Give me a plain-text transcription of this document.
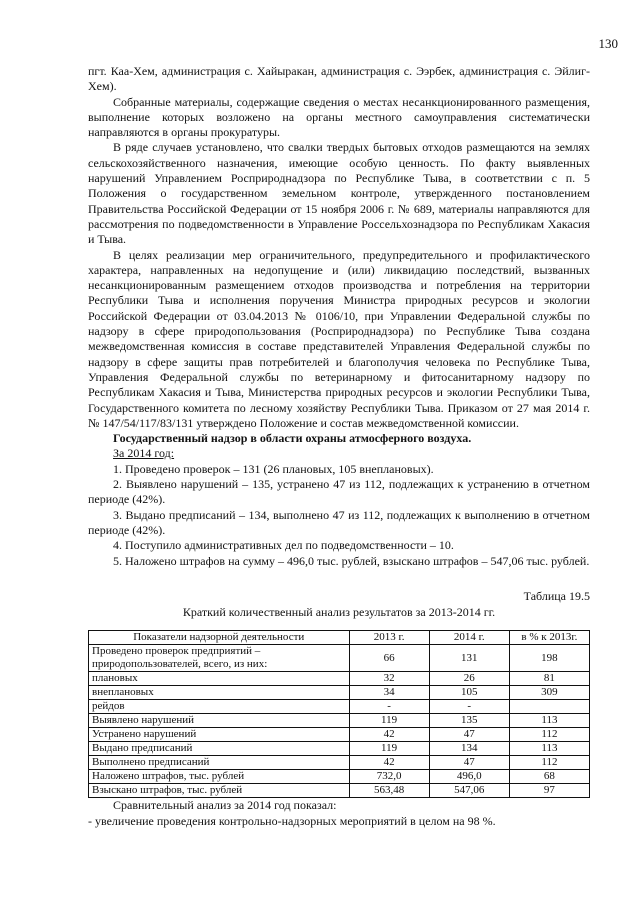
130

пгт. Каа-Хем, администрация с. Хайыракан, администрация с. Ээрбек, администрация с. Эйлиг-Хем).

Собранные материалы, содержащие сведения о местах несанкционированного размещения, выполнение которых возложено на органы местного самоуправления систематически направляются в органы прокуратуры.

В ряде случаев установлено, что свалки твердых бытовых отходов размещаются на землях сельскохозяйственного назначения, имеющие особую ценность. По факту выявленных нарушений Управлением Росприроднадзора по Республике Тыва, в соответствии с п. 5 Положения о государственном земельном контроле, утвержденного постановлением Правительства Российской Федерации от 15 ноября 2006 г. № 689, материалы направляются для рассмотрения по подведомственности в Управление Россельхознадзора по Республикам Хакасия и Тыва.

В целях реализации мер ограничительного, предупредительного и профилактического характера, направленных на недопущение и (или) ликвидацию последствий, вызванных несанкционированным размещением отходов производства и потребления на территории Республики Тыва и исполнения поручения Министра природных ресурсов и экологии Российской Федерации от 03.04.2013 № 0106/10, при Управлении Федеральной службы по надзору в сфере природопользования (Росприроднадзора) по Республике Тыва создана межведомственная комиссия в составе представителей Управления Федеральной службы по надзору в сфере защиты прав потребителей и благополучия человека по Республике Тыва, Управления Федеральной службы по ветеринарному и фитосанитарному надзору по Республикам Хакасия и Тыва, Министерства природных ресурсов и экологии Республики Тыва, Государственного комитета по лесному хозяйству Республики Тыва. Приказом от 27 мая 2014 г. № 147/54/117/83/131 утверждено Положение и состав межведомственной комиссии.

Государственный надзор в области охраны атмосферного воздуха.

За 2014 год:

1. Проведено проверок – 131 (26 плановых, 105 внеплановых).

2. Выявлено нарушений – 135, устранено 47 из 112, подлежащих к устранению в отчетном периоде (42%).

3. Выдано предписаний – 134, выполнено 47 из 112, подлежащих к выполнению в отчетном периоде (42%).

4. Поступило административных дел по подведомственности – 10.

5. Наложено штрафов на сумму – 496,0 тыс. рублей, взыскано штрафов – 547,06 тыс. рублей.

Таблица 19.5
Краткий количественный анализ результатов за 2013-2014 гг.
Показатели надзорной деятельности	2013 г.	2014 г.	в % к 2013г.
Проведено проверок предприятий – природопользователей, всего, из них:	66	131	198
плановых	32	26	81
внеплановых	34	105	309
рейдов	-	-	
Выявлено нарушений	119	135	113
Устранено нарушений	42	47	112
Выдано предписаний	119	134	113
Выполнено предписаний	42	47	112
Наложено штрафов, тыс. рублей	732,0	496,0	68
Взыскано штрафов, тыс. рублей	563,48	547,06	97

Сравнительный анализ за 2014 год показал:

- увеличение проведения контрольно-надзорных мероприятий в целом на 98 %.
